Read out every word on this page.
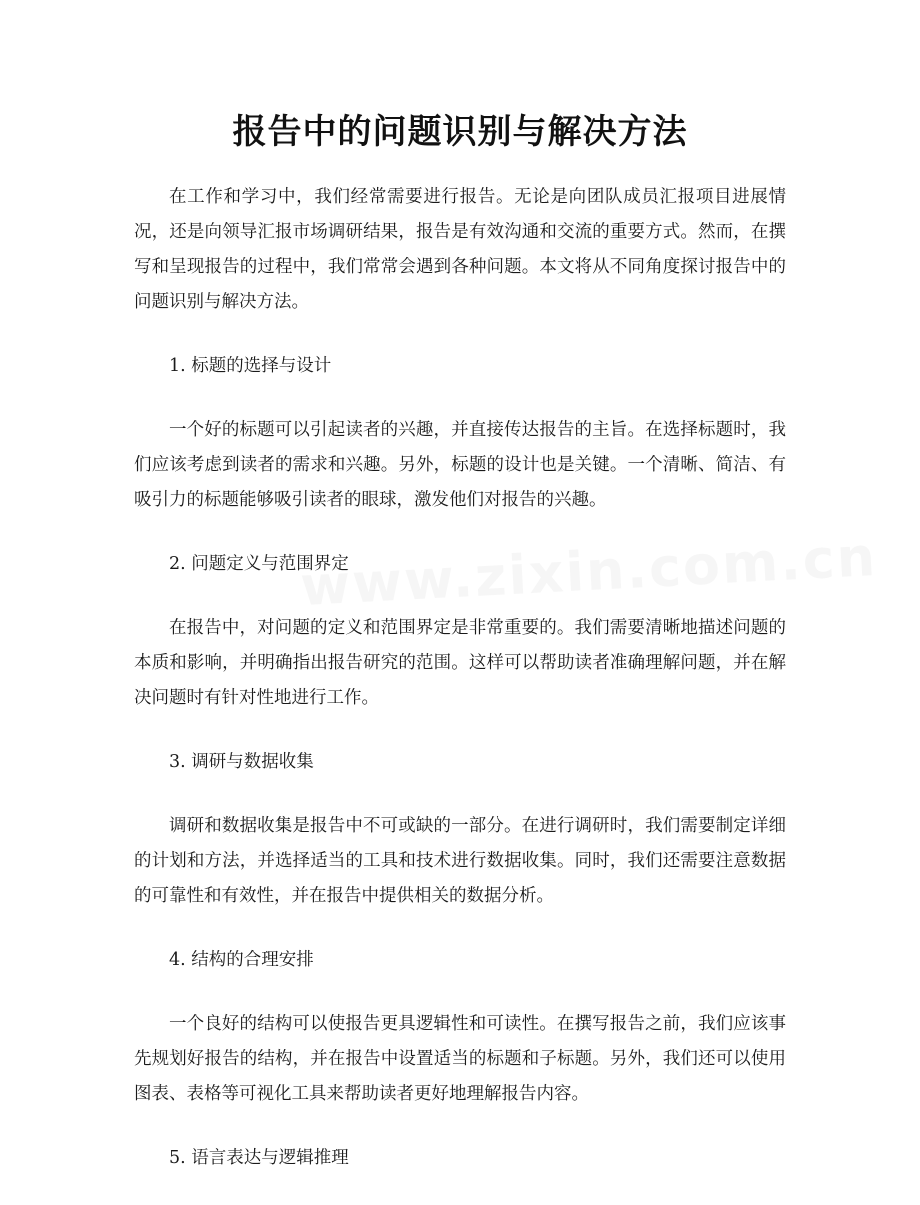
报告中的问题识别与解决方法

在工作和学习中，我们经常需要进行报告。无论是向团队成员汇报项目进展情况，还是向领导汇报市场调研结果，报告是有效沟通和交流的重要方式。然而，在撰写和呈现报告的过程中，我们常常会遇到各种问题。本文将从不同角度探讨报告中的问题识别与解决方法。

1. 标题的选择与设计

一个好的标题可以引起读者的兴趣，并直接传达报告的主旨。在选择标题时，我们应该考虑到读者的需求和兴趣。另外，标题的设计也是关键。一个清晰、简洁、有吸引力的标题能够吸引读者的眼球，激发他们对报告的兴趣。

2. 问题定义与范围界定

在报告中，对问题的定义和范围界定是非常重要的。我们需要清晰地描述问题的本质和影响，并明确指出报告研究的范围。这样可以帮助读者准确理解问题，并在解决问题时有针对性地进行工作。

3. 调研与数据收集

调研和数据收集是报告中不可或缺的一部分。在进行调研时，我们需要制定详细的计划和方法，并选择适当的工具和技术进行数据收集。同时，我们还需要注意数据的可靠性和有效性，并在报告中提供相关的数据分析。

4. 结构的合理安排

一个良好的结构可以使报告更具逻辑性和可读性。在撰写报告之前，我们应该事先规划好报告的结构，并在报告中设置适当的标题和子标题。另外，我们还可以使用图表、表格等可视化工具来帮助读者更好地理解报告内容。

5. 语言表达与逻辑推理
